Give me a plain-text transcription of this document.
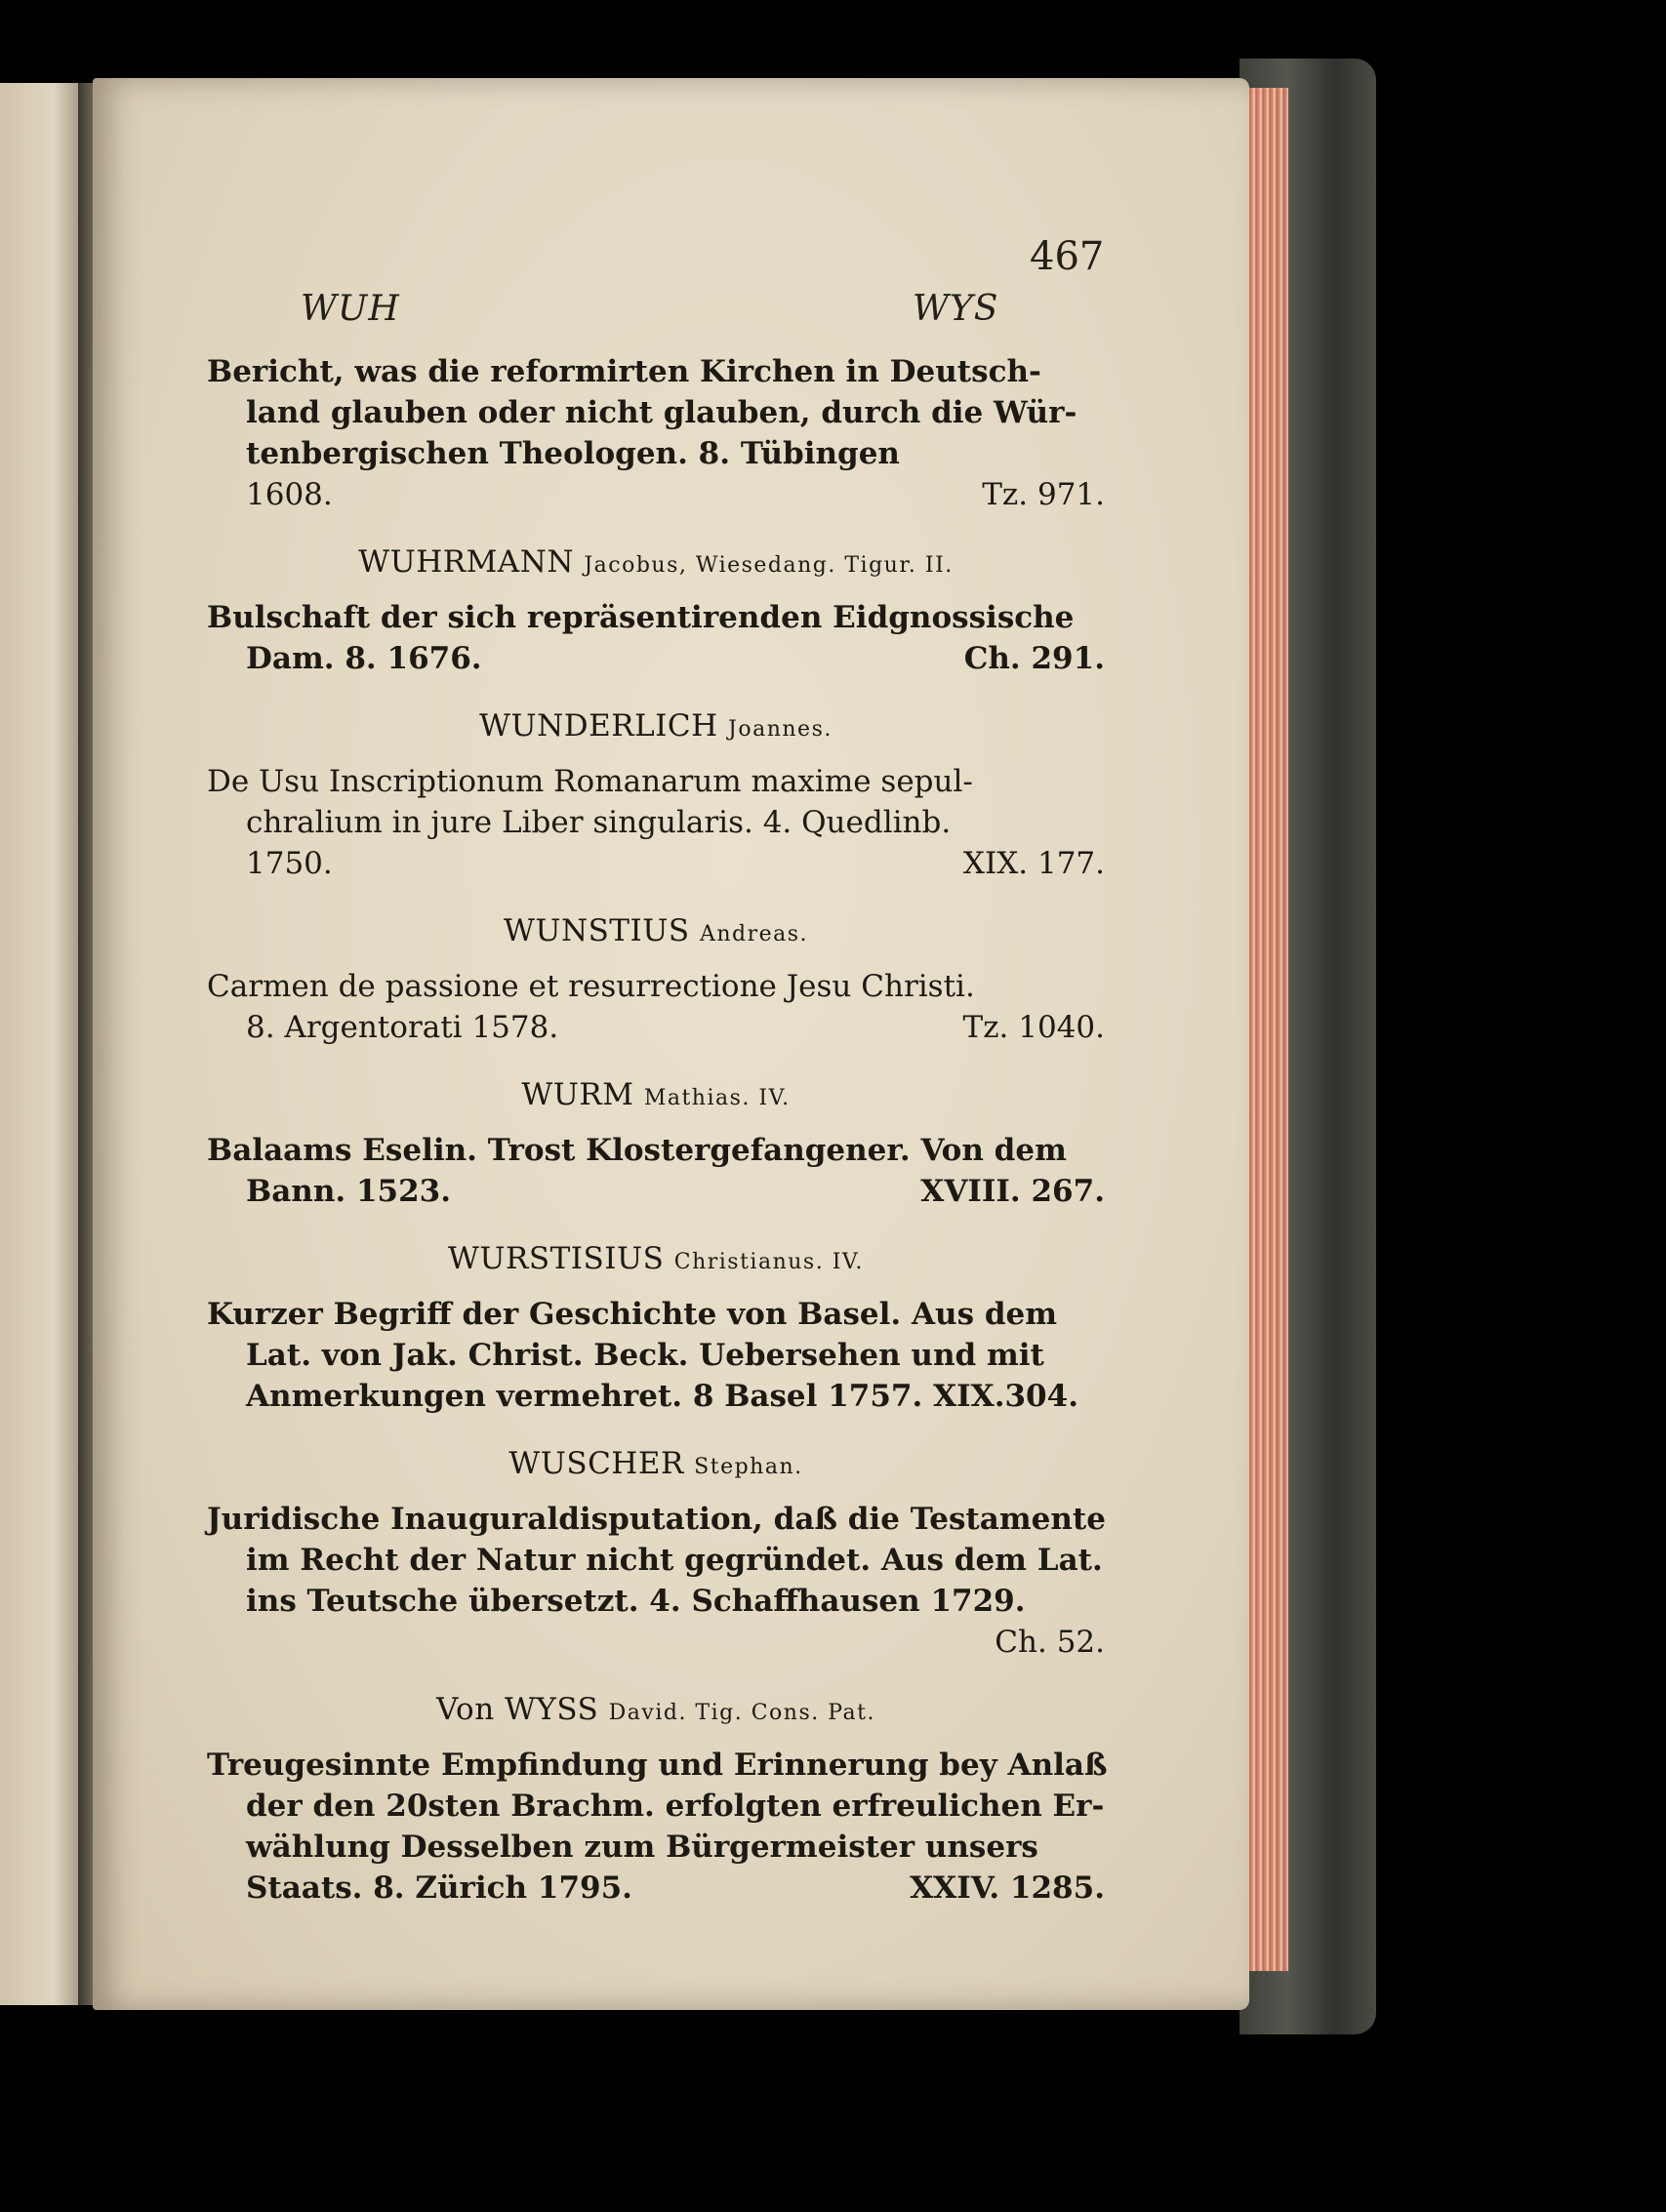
467
WUH	WYS
Bericht, was die reformirten Kirchen in Deutsch-
land glauben oder nicht glauben, durch die Wür-
tenbergischen Theologen. 8. Tübingen
1608.	Tz. 971.
WUHRMANN Jacobus, Wiesedang. Tigur. II.
Bulschaft der sich repräsentirenden Eidgnossische
Dam. 8. 1676.	Ch. 291.
WUNDERLICH Joannes.
De Usu Inscriptionum Romanarum maxime sepul-
chralium in jure Liber singularis. 4. Quedlinb.
1750.	XIX. 177.
WUNSTIUS Andreas.
Carmen de passione et resurrectione Jesu Christi.
8. Argentorati 1578.	Tz. 1040.
WURM Mathias. IV.
Balaams Eselin. Trost Klostergefangener. Von dem
Bann. 1523.	XVIII. 267.
WURSTISIUS Christianus. IV.
Kurzer Begriff der Geschichte von Basel. Aus dem
Lat. von Jak. Christ. Beck. Uebersehen und mit
Anmerkungen vermehret. 8 Basel 1757. XIX.304.
WUSCHER Stephan.
Juridische Inauguraldisputation, daß die Testamente
im Recht der Natur nicht gegründet. Aus dem Lat.
ins Teutsche übersetzt. 4. Schaffhausen 1729.
Ch. 52.
Von WYSS David. Tig. Cons. Pat.
Treugesinnte Empfindung und Erinnerung bey Anlaß
der den 20sten Brachm. erfolgten erfreulichen Er-
wählung Desselben zum Bürgermeister unsers
Staats. 8. Zürich 1795.	XXIV. 1285.
